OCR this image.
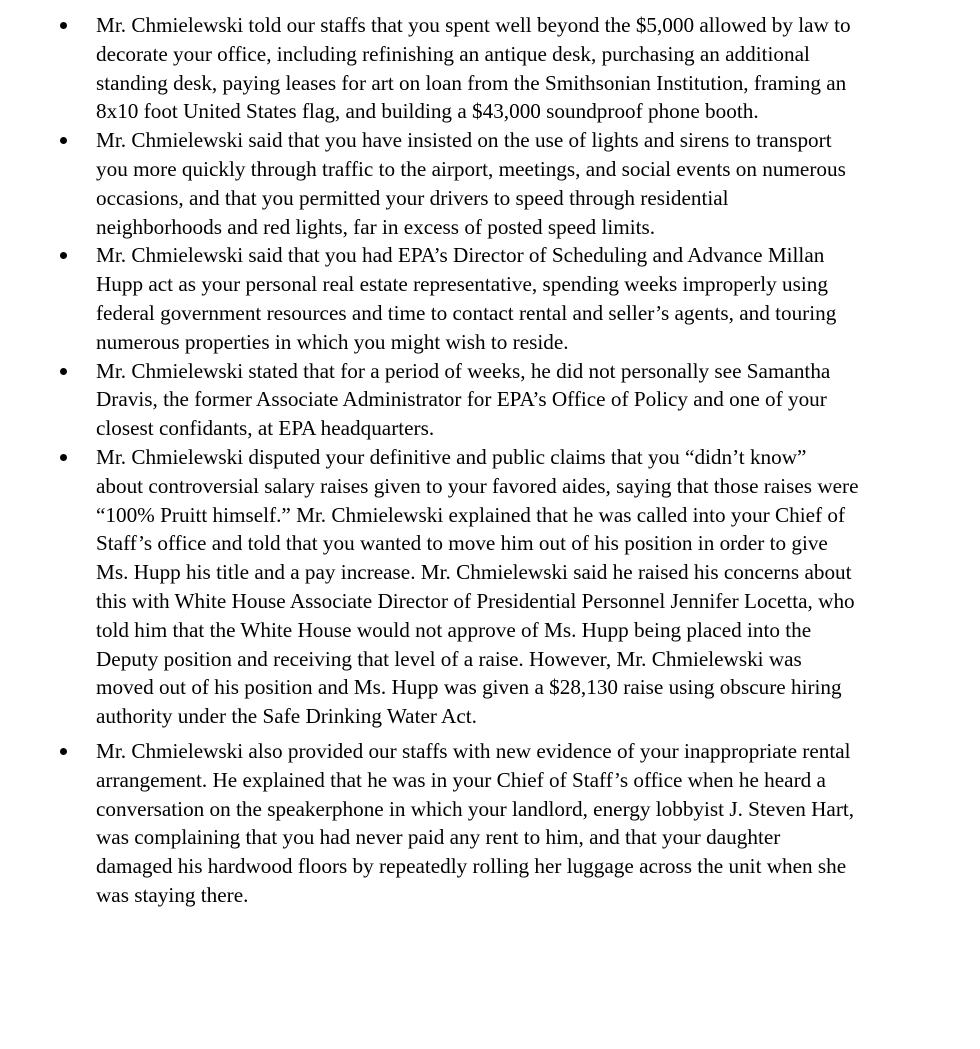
Mr. Chmielewski told our staffs that you spent well beyond the $5,000 allowed by law to
decorate your office, including refinishing an antique desk, purchasing an additional
standing desk, paying leases for art on loan from the Smithsonian Institution, framing an
8x10 foot United States flag, and building a $43,000 soundproof phone booth.
Mr. Chmielewski said that you have insisted on the use of lights and sirens to transport
you more quickly through traffic to the airport, meetings, and social events on numerous
occasions, and that you permitted your drivers to speed through residential
neighborhoods and red lights, far in excess of posted speed limits.
Mr. Chmielewski said that you had EPA’s Director of Scheduling and Advance Millan
Hupp act as your personal real estate representative, spending weeks improperly using
federal government resources and time to contact rental and seller’s agents, and touring
numerous properties in which you might wish to reside.
Mr. Chmielewski stated that for a period of weeks, he did not personally see Samantha
Dravis, the former Associate Administrator for EPA’s Office of Policy and one of your
closest confidants, at EPA headquarters.
Mr. Chmielewski disputed your definitive and public claims that you “didn’t know”
about controversial salary raises given to your favored aides, saying that those raises were
“100% Pruitt himself.” Mr. Chmielewski explained that he was called into your Chief of
Staff’s office and told that you wanted to move him out of his position in order to give
Ms. Hupp his title and a pay increase. Mr. Chmielewski said he raised his concerns about
this with White House Associate Director of Presidential Personnel Jennifer Locetta, who
told him that the White House would not approve of Ms. Hupp being placed into the
Deputy position and receiving that level of a raise. However, Mr. Chmielewski was
moved out of his position and Ms. Hupp was given a $28,130 raise using obscure hiring
authority under the Safe Drinking Water Act.
Mr. Chmielewski also provided our staffs with new evidence of your inappropriate rental
arrangement. He explained that he was in your Chief of Staff’s office when he heard a
conversation on the speakerphone in which your landlord, energy lobbyist J. Steven Hart,
was complaining that you had never paid any rent to him, and that your daughter
damaged his hardwood floors by repeatedly rolling her luggage across the unit when she
was staying there.
